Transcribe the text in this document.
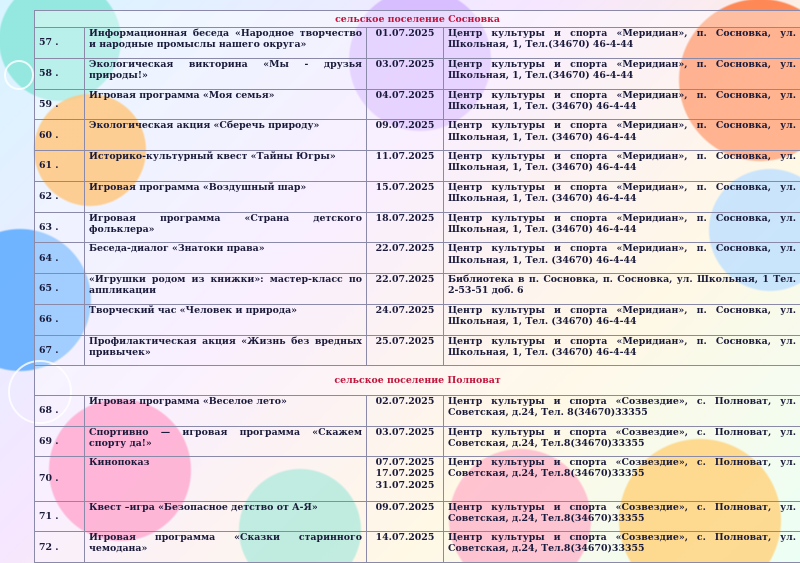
сельское поселение Сосновка			
57 .	Информационная беседа «Народное творчество и народные промыслы нашего округа»	01.07.2025	Центр культуры и спорта «Меридиан», п. Сосновка, ул. Школьная, 1, Тел.(34670) 46-4-44
58 .	Экологическая викторина «Мы - друзья природы!»	03.07.2025	Центр культуры и спорта «Меридиан», п. Сосновка, ул. Школьная, 1, Тел.(34670) 46-4-44
59 .	Игровая программа «Моя семья»	04.07.2025	Центр культуры и спорта «Меридиан», п. Сосновка, ул. Школьная, 1, Тел. (34670) 46-4-44
60 .	Экологическая акция «Сберечь природу»	09.07.2025	Центр культуры и спорта «Меридиан», п. Сосновка, ул. Школьная, 1, Тел. (34670) 46-4-44
61 .	Историко-культурный квест «Тайны Югры»	11.07.2025	Центр культуры и спорта «Меридиан», п. Сосновка, ул. Школьная, 1, Тел. (34670) 46-4-44
62 .	Игровая программа «Воздушный шар»	15.07.2025	Центр культуры и спорта «Меридиан», п. Сосновка, ул. Школьная, 1, Тел. (34670) 46-4-44
63 .	Игровая программа «Страна детского фольклера»	18.07.2025	Центр культуры и спорта «Меридиан», п. Сосновка, ул. Школьная, 1, Тел. (34670) 46-4-44
64 .	Беседа-диалог «Знатоки права»	22.07.2025	Центр культуры и спорта «Меридиан», п. Сосновка, ул. Школьная, 1, Тел. (34670) 46-4-44
65 .	«Игрушки родом из книжки»: мастер-класс по аппликации	22.07.2025	Библиотека в п. Сосновка, п. Сосновка, ул. Школьная, 1 Тел. 2-53-51 доб. 6
66 .	Творческий час «Человек и природа»	24.07.2025	Центр культуры и спорта «Меридиан», п. Сосновка, ул. Школьная, 1, Тел. (34670) 46-4-44
67 .	Профилактическая акция «Жизнь без вредных привычек»	25.07.2025	Центр культуры и спорта «Меридиан», п. Сосновка, ул. Школьная, 1, Тел. (34670) 46-4-44
сельское поселение Полноват			
68 .	Игровая программа «Веселое лето»	02.07.2025	Центр культуры и спорта «Созвездие», с. Полноват, ул. Советская, д.24, Тел. 8(34670)33355
69 .	Спортивно — игровая программа «Скажем спорту да!»	03.07.2025	Центр культуры и спорта «Созвездие», с. Полноват, ул. Советская, д.24, Тел.8(34670)33355
70 .	Кинопоказ	07.07.2025
17.07.2025
31.07.2025	Центр культуры и спорта «Созвездие», с. Полноват, ул. Советская, д.24, Тел.8(34670)33355
71 .	Квест –игра «Безопасное детство от А-Я»	09.07.2025	Центр культуры и спорта «Созвездие», с. Полноват, ул. Советская, д.24, Тел.8(34670)33355
72 .	Игровая программа «Сказки старинного чемодана»	14.07.2025	Центр культуры и спорта «Созвездие», с. Полноват, ул. Советская, д.24, Тел.8(34670)33355
